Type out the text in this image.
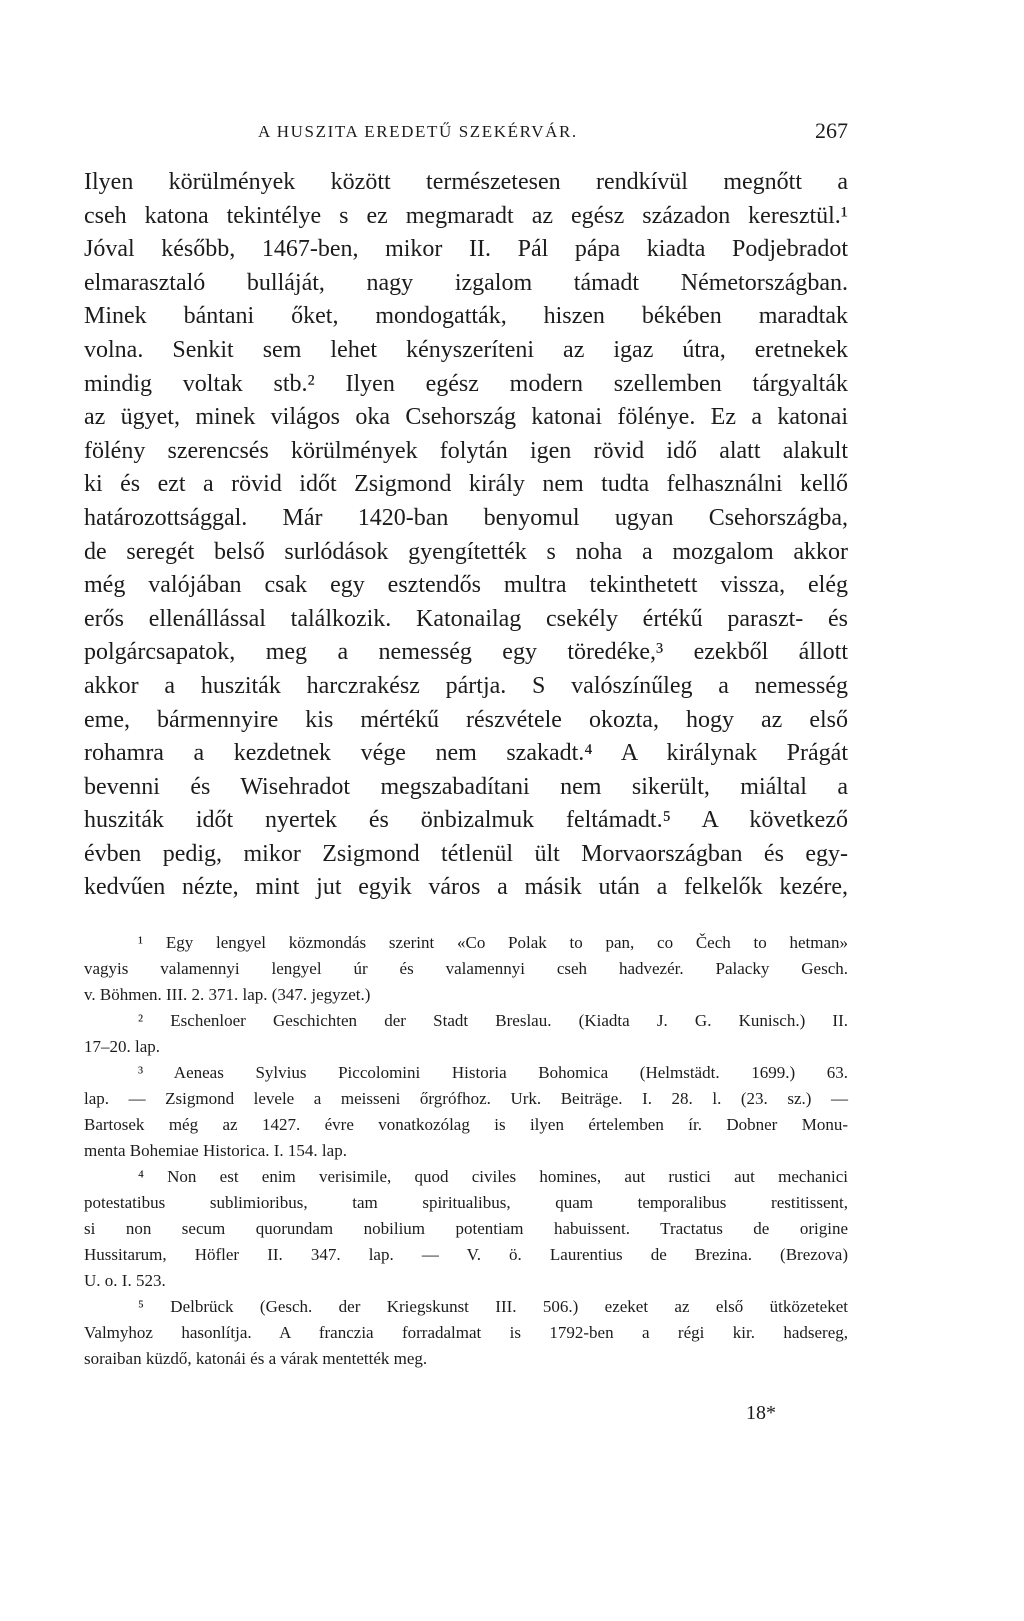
A HUSZITA EREDETŰ SZEKÉRVÁR.	267
Ilyen körülmények között természetesen rendkívül megnőtt a
cseh katona tekintélye s ez megmaradt az egész századon keresztül.¹
Jóval később, 1467-ben, mikor II. Pál pápa kiadta Podjebradot
elmarasztaló bulláját, nagy izgalom támadt Németországban.
Minek bántani őket, mondogatták, hiszen békében maradtak
volna. Senkit sem lehet kényszeríteni az igaz útra, eretnekek
mindig voltak stb.² Ilyen egész modern szellemben tárgyalták
az ügyet, minek világos oka Csehország katonai fölénye. Ez a katonai
fölény szerencsés körülmények folytán igen rövid idő alatt alakult
ki és ezt a rövid időt Zsigmond király nem tudta felhasználni kellő
határozottsággal. Már 1420-ban benyomul ugyan Csehországba,
de seregét belső surlódások gyengítették s noha a mozgalom akkor
még valójában csak egy esztendős multra tekinthetett vissza, elég
erős ellenállással találkozik. Katonailag csekély értékű paraszt- és
polgárcsapatok, meg a nemesség egy töredéke,³ ezekből állott
akkor a husziták harczrakész pártja. S valószínűleg a nemesség
eme, bármennyire kis mértékű részvétele okozta, hogy az első
rohamra a kezdetnek vége nem szakadt.⁴ A királynak Prágát
bevenni és Wisehradot megszabadítani nem sikerült, miáltal a
husziták időt nyertek és önbizalmuk feltámadt.⁵ A következő
évben pedig, mikor Zsigmond tétlenül ült Morvaországban és egy-
kedvűen nézte, mint jut egyik város a másik után a felkelők kezére,
¹ Egy lengyel közmondás szerint «Co Polak to pan, co Čech to hetman»
vagyis valamennyi lengyel úr és valamennyi cseh hadvezér. Palacky Gesch.
v. Böhmen. III. 2. 371. lap. (347. jegyzet.)
² Eschenloer Geschichten der Stadt Breslau. (Kiadta J. G. Kunisch.) II.
17–20. lap.
³ Aeneas Sylvius Piccolomini Historia Bohomica (Helmstädt. 1699.) 63.
lap. — Zsigmond levele a meisseni őrgrófhoz. Urk. Beiträge. I. 28. l. (23. sz.) —
Bartosek még az 1427. évre vonatkozólag is ilyen értelemben ír. Dobner Monu-
menta Bohemiae Historica. I. 154. lap.
⁴ Non est enim verisimile, quod civiles homines, aut rustici aut mechanici
potestatibus sublimioribus, tam spiritualibus, quam temporalibus restitissent,
si non secum quorundam nobilium potentiam habuissent. Tractatus de origine
Hussitarum, Höfler II. 347. lap. — V. ö. Laurentius de Brezina. (Brezova)
U. o. I. 523.
⁵ Delbrück (Gesch. der Kriegskunst III. 506.) ezeket az első ütközeteket
Valmyhoz hasonlítja. A franczia forradalmat is 1792-ben a régi kir. hadsereg,
soraiban küzdő, katonái és a várak mentették meg.
18*
